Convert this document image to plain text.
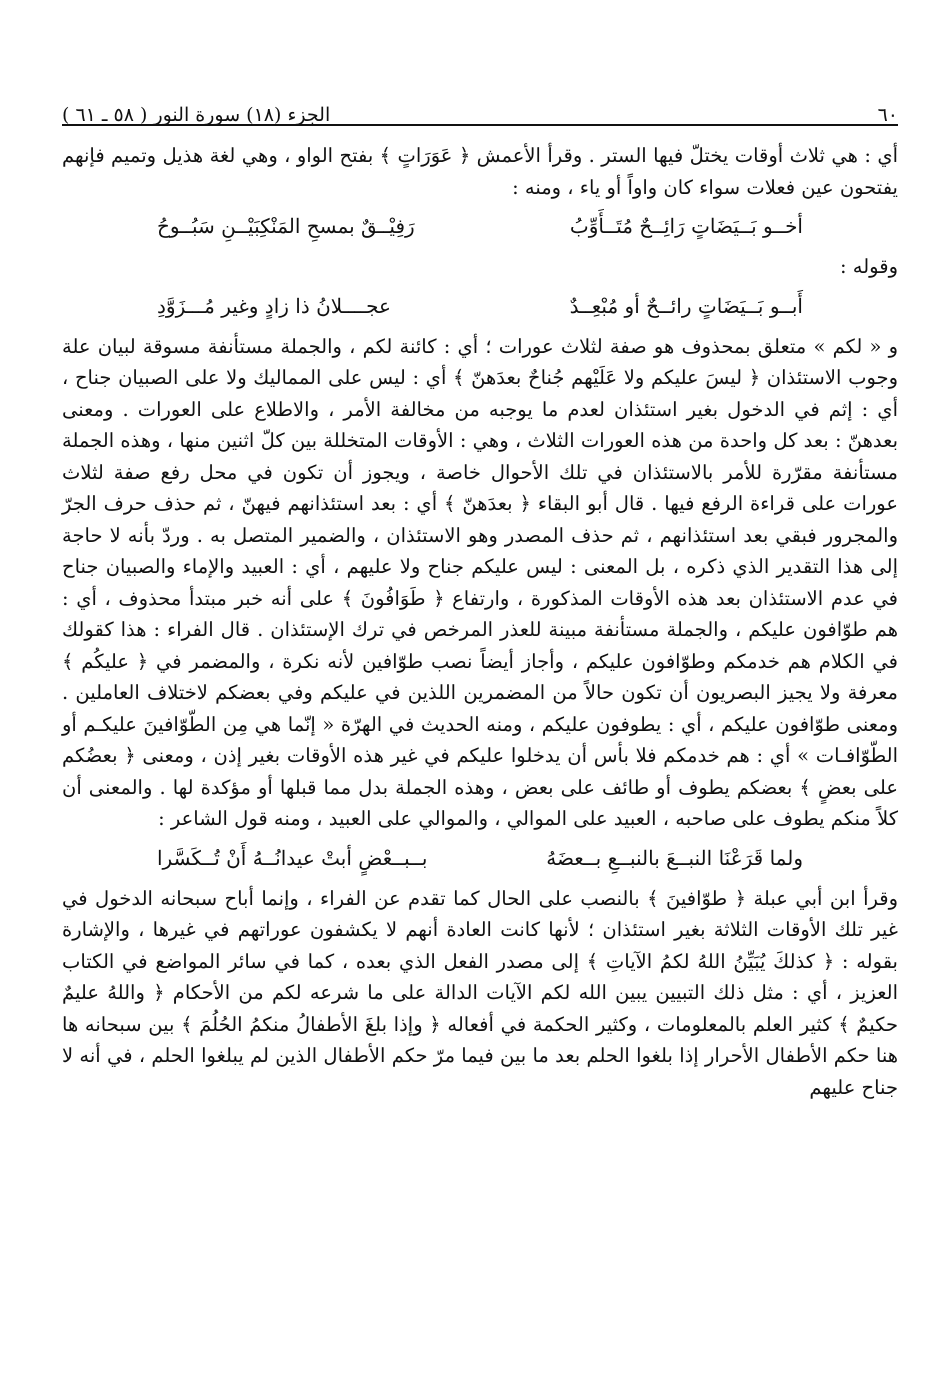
٦٠
الجزء (١٨) سورة النور ( ٥٨ ـ ٦١ )

أي : هي ثلاث أوقات يختلّ فيها الستر . وقرأ الأعمش ﴿ عَوَرَاتٍ ﴾ بفتح الواو ، وهي لغة هذيل وتميم فإنهم يفتحون عين فعلات سواء كان واواً أو ياء ، ومنه :

أخــو بَــيَضَاتٍ رَائِــحٌ مُتَــأَوِّبُ
رَفِيْــقٌ بمسحِ المَنْكِبَيْــنِ سَبُــوحُ

وقوله :

أَبــو بَــيَضَاتٍ رائــحٌ أو مُبْعِــدٌ
عجــــلانُ ذا زادٍ وغير مُـــزَوَّدِ

و « لكم » متعلق بمحذوف هو صفة لثلاث عورات ؛ أي : كائنة لكم ، والجملة مستأنفة مسوقة لبيان علة وجوب الاستئذان ﴿ ليسَ عليكم ولا عَلَيْهم جُناحٌ بعدَهنّ ﴾ أي : ليس على المماليك ولا على الصبيان جناح ، أي : إثم في الدخول بغير استئذان لعدم ما يوجبه من مخالفة الأمر ، والاطلاع على العورات . ومعنى بعدهنّ : بعد كل واحدة من هذه العورات الثلاث ، وهي : الأوقات المتخللة بين كلّ اثنين منها ، وهذه الجملة مستأنفة مقرّرة للأمر بالاستئذان في تلك الأحوال خاصة ، ويجوز أن تكون في محل رفع صفة لثلاث عورات على قراءة الرفع فيها . قال أبو البقاء ﴿ بعدَهنّ ﴾ أي : بعد استئذانهم فيهنّ ، ثم حذف حرف الجرّ والمجرور فبقي بعد استئذانهم ، ثم حذف المصدر وهو الاستئذان ، والضمير المتصل به . وردّ بأنه لا حاجة إلى هذا التقدير الذي ذكره ، بل المعنى : ليس عليكم جناح ولا عليهم ، أي : العبيد والإماء والصبيان جناح في عدم الاستئذان بعد هذه الأوقات المذكورة ، وارتفاع ﴿ طَوَافُونَ ﴾ على أنه خبر مبتدأ محذوف ، أي : هم طوّافون عليكم ، والجملة مستأنفة مبينة للعذر المرخص في ترك الإستئذان . قال الفراء : هذا كقولك في الكلام هم خدمكم وطوّافون عليكم ، وأجاز أيضاً نصب طوّافين لأنه نكرة ، والمضمر في ﴿ عليكُم ﴾ معرفة ولا يجيز البصريون أن تكون حالاً من المضمرين اللذين في عليكم وفي بعضكم لاختلاف العاملين . ومعنى طوّافون عليكم ، أي : يطوفون عليكم ، ومنه الحديث في الهرّة « إنّما هي مِن الطّوّافينَ عليكـم أو الطّوّافـات » أي : هم خدمكم فلا بأس أن يدخلوا عليكم في غير هذه الأوقات بغير إذن ، ومعنى ﴿ بعضُكم على بعضٍ ﴾ بعضكم يطوف أو طائف على بعض ، وهذه الجملة بدل مما قبلها أو مؤكدة لها . والمعنى أن كلاً منكم يطوف على صاحبه ، العبيد على الموالي ، والموالي على العبيد ، ومنه قول الشاعر :

ولما قَرَعْنَا النبــعَ بالنبــعِ بــعضَهُ
بــبــعْضٍ أبتْ عيدانُــهُ أَنْ تُــكَسَّرا

وقرأ ابن أبي عبلة ﴿ طوّافينَ ﴾ بالنصب على الحال كما تقدم عن الفراء ، وإنما أباح سبحانه الدخول في غير تلك الأوقات الثلاثة بغير استئذان ؛ لأنها كانت العادة أنهم لا يكشفون عوراتهم في غيرها ، والإشارة بقوله : ﴿ كذلكَ يُبَيِّنُ اللهُ لكمُ الآياتِ ﴾ إلى مصدر الفعل الذي بعده ، كما في سائر المواضع في الكتاب العزيز ، أي : مثل ذلك التبيين يبين الله لكم الآيات الدالة على ما شرعه لكم من الأحكام ﴿ واللهُ عليمٌ حكيمٌ ﴾ كثير العلم بالمعلومات ، وكثير الحكمة في أفعاله ﴿ وإذا بلغَ الأطفالُ منكمُ الحُلُمَ ﴾ بين سبحانه ها هنا حكم الأطفال الأحرار إذا بلغوا الحلم بعد ما بين فيما مرّ حكم الأطفال الذين لم يبلغوا الحلم ، في أنه لا جناح عليهم
